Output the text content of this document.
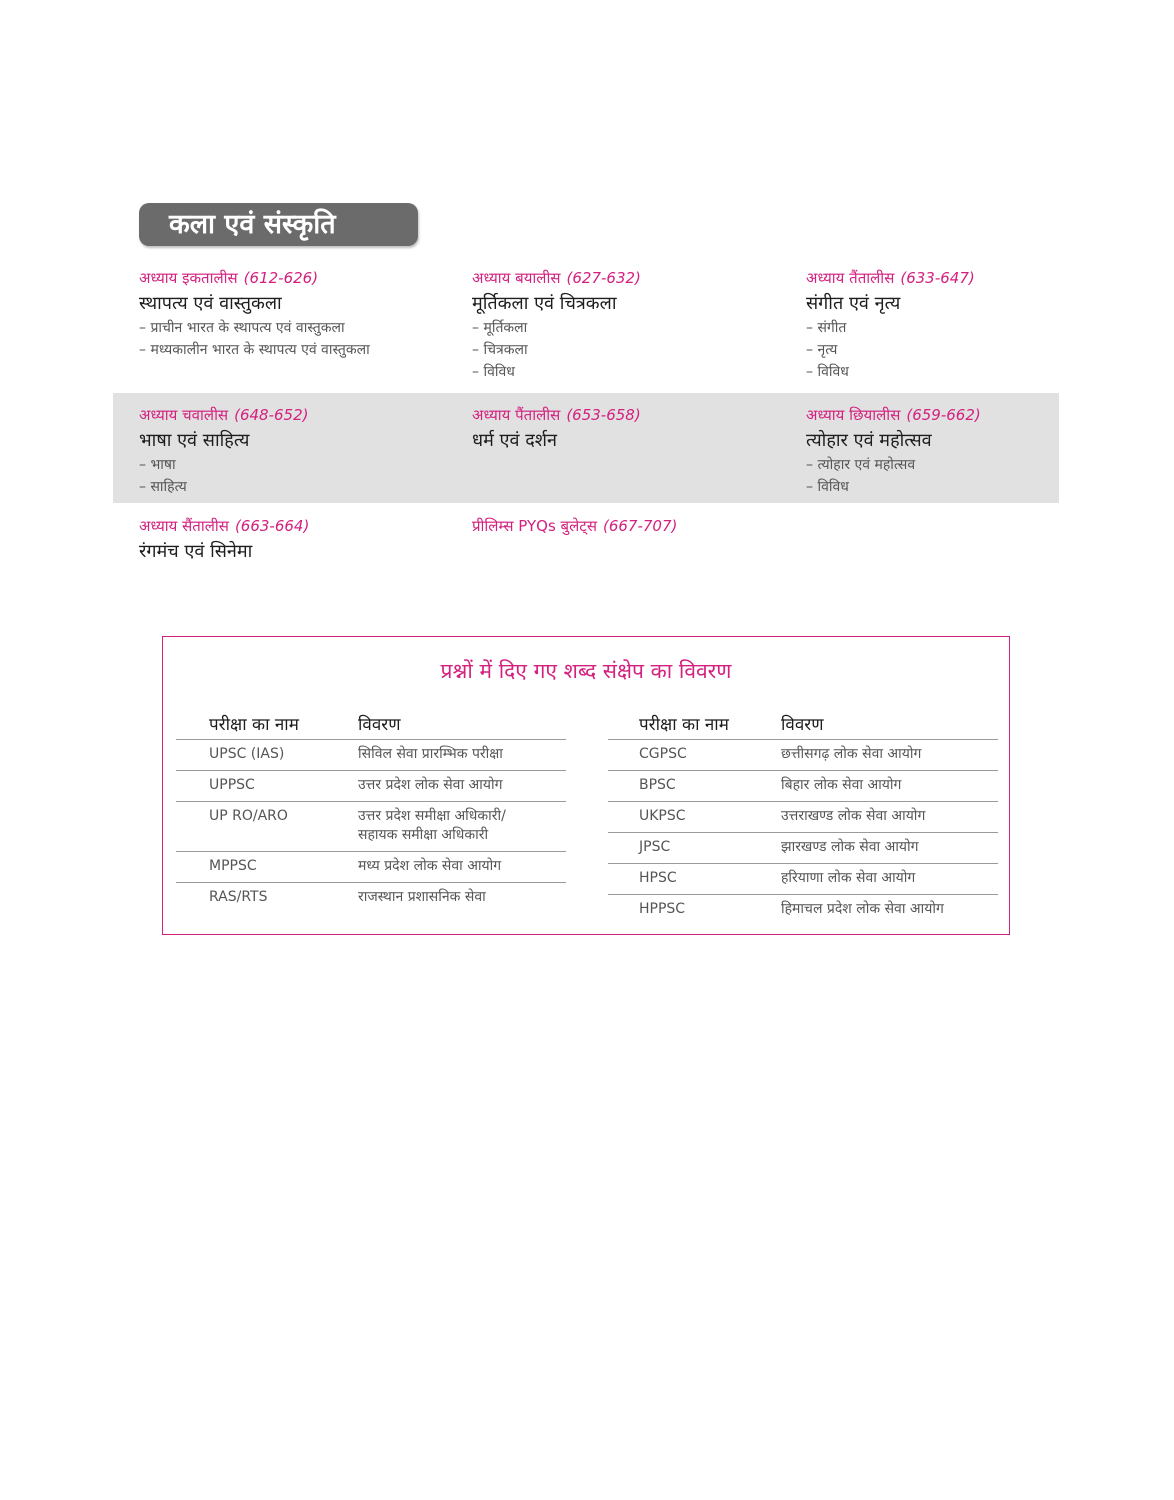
कला एवं संस्कृति
अध्याय इकतालीस (612-626)
स्थापत्य एवं वास्तुकला
– प्राचीन भारत के स्थापत्य एवं वास्तुकला
– मध्यकालीन भारत के स्थापत्य एवं वास्तुकला
अध्याय बयालीस (627-632)
मूर्तिकला एवं चित्रकला
– मूर्तिकला
– चित्रकला
– विविध
अध्याय तैंतालीस (633-647)
संगीत एवं नृत्य
– संगीत
– नृत्य
– विविध
अध्याय चवालीस (648-652)
भाषा एवं साहित्य
– भाषा
– साहित्य
अध्याय पैंतालीस (653-658)
धर्म एवं दर्शन
अध्याय छियालीस (659-662)
त्योहार एवं महोत्सव
– त्योहार एवं महोत्सव
– विविध
अध्याय सैंतालीस (663-664)
रंगमंच एवं सिनेमा
प्रीलिम्स PYQs बुलेट्स (667-707)
प्रश्नों में दिए गए शब्द संक्षेप का विवरण
परीक्षा का नाम	विवरण
UPSC (IAS)	सिविल सेवा प्रारम्भिक परीक्षा
UPPSC	उत्तर प्रदेश लोक सेवा आयोग
UP RO/ARO	उत्तर प्रदेश समीक्षा अधिकारी/
सहायक समीक्षा अधिकारी

MPPSC	मध्य प्रदेश लोक सेवा आयोग
RAS/RTS	राजस्थान प्रशासनिक सेवा
परीक्षा का नाम	विवरण
CGPSC	छत्तीसगढ़ लोक सेवा आयोग
BPSC	बिहार लोक सेवा आयोग
UKPSC	उत्तराखण्ड लोक सेवा आयोग
JPSC	झारखण्ड लोक सेवा आयोग
HPSC	हरियाणा लोक सेवा आयोग
HPPSC	हिमाचल प्रदेश लोक सेवा आयोग
